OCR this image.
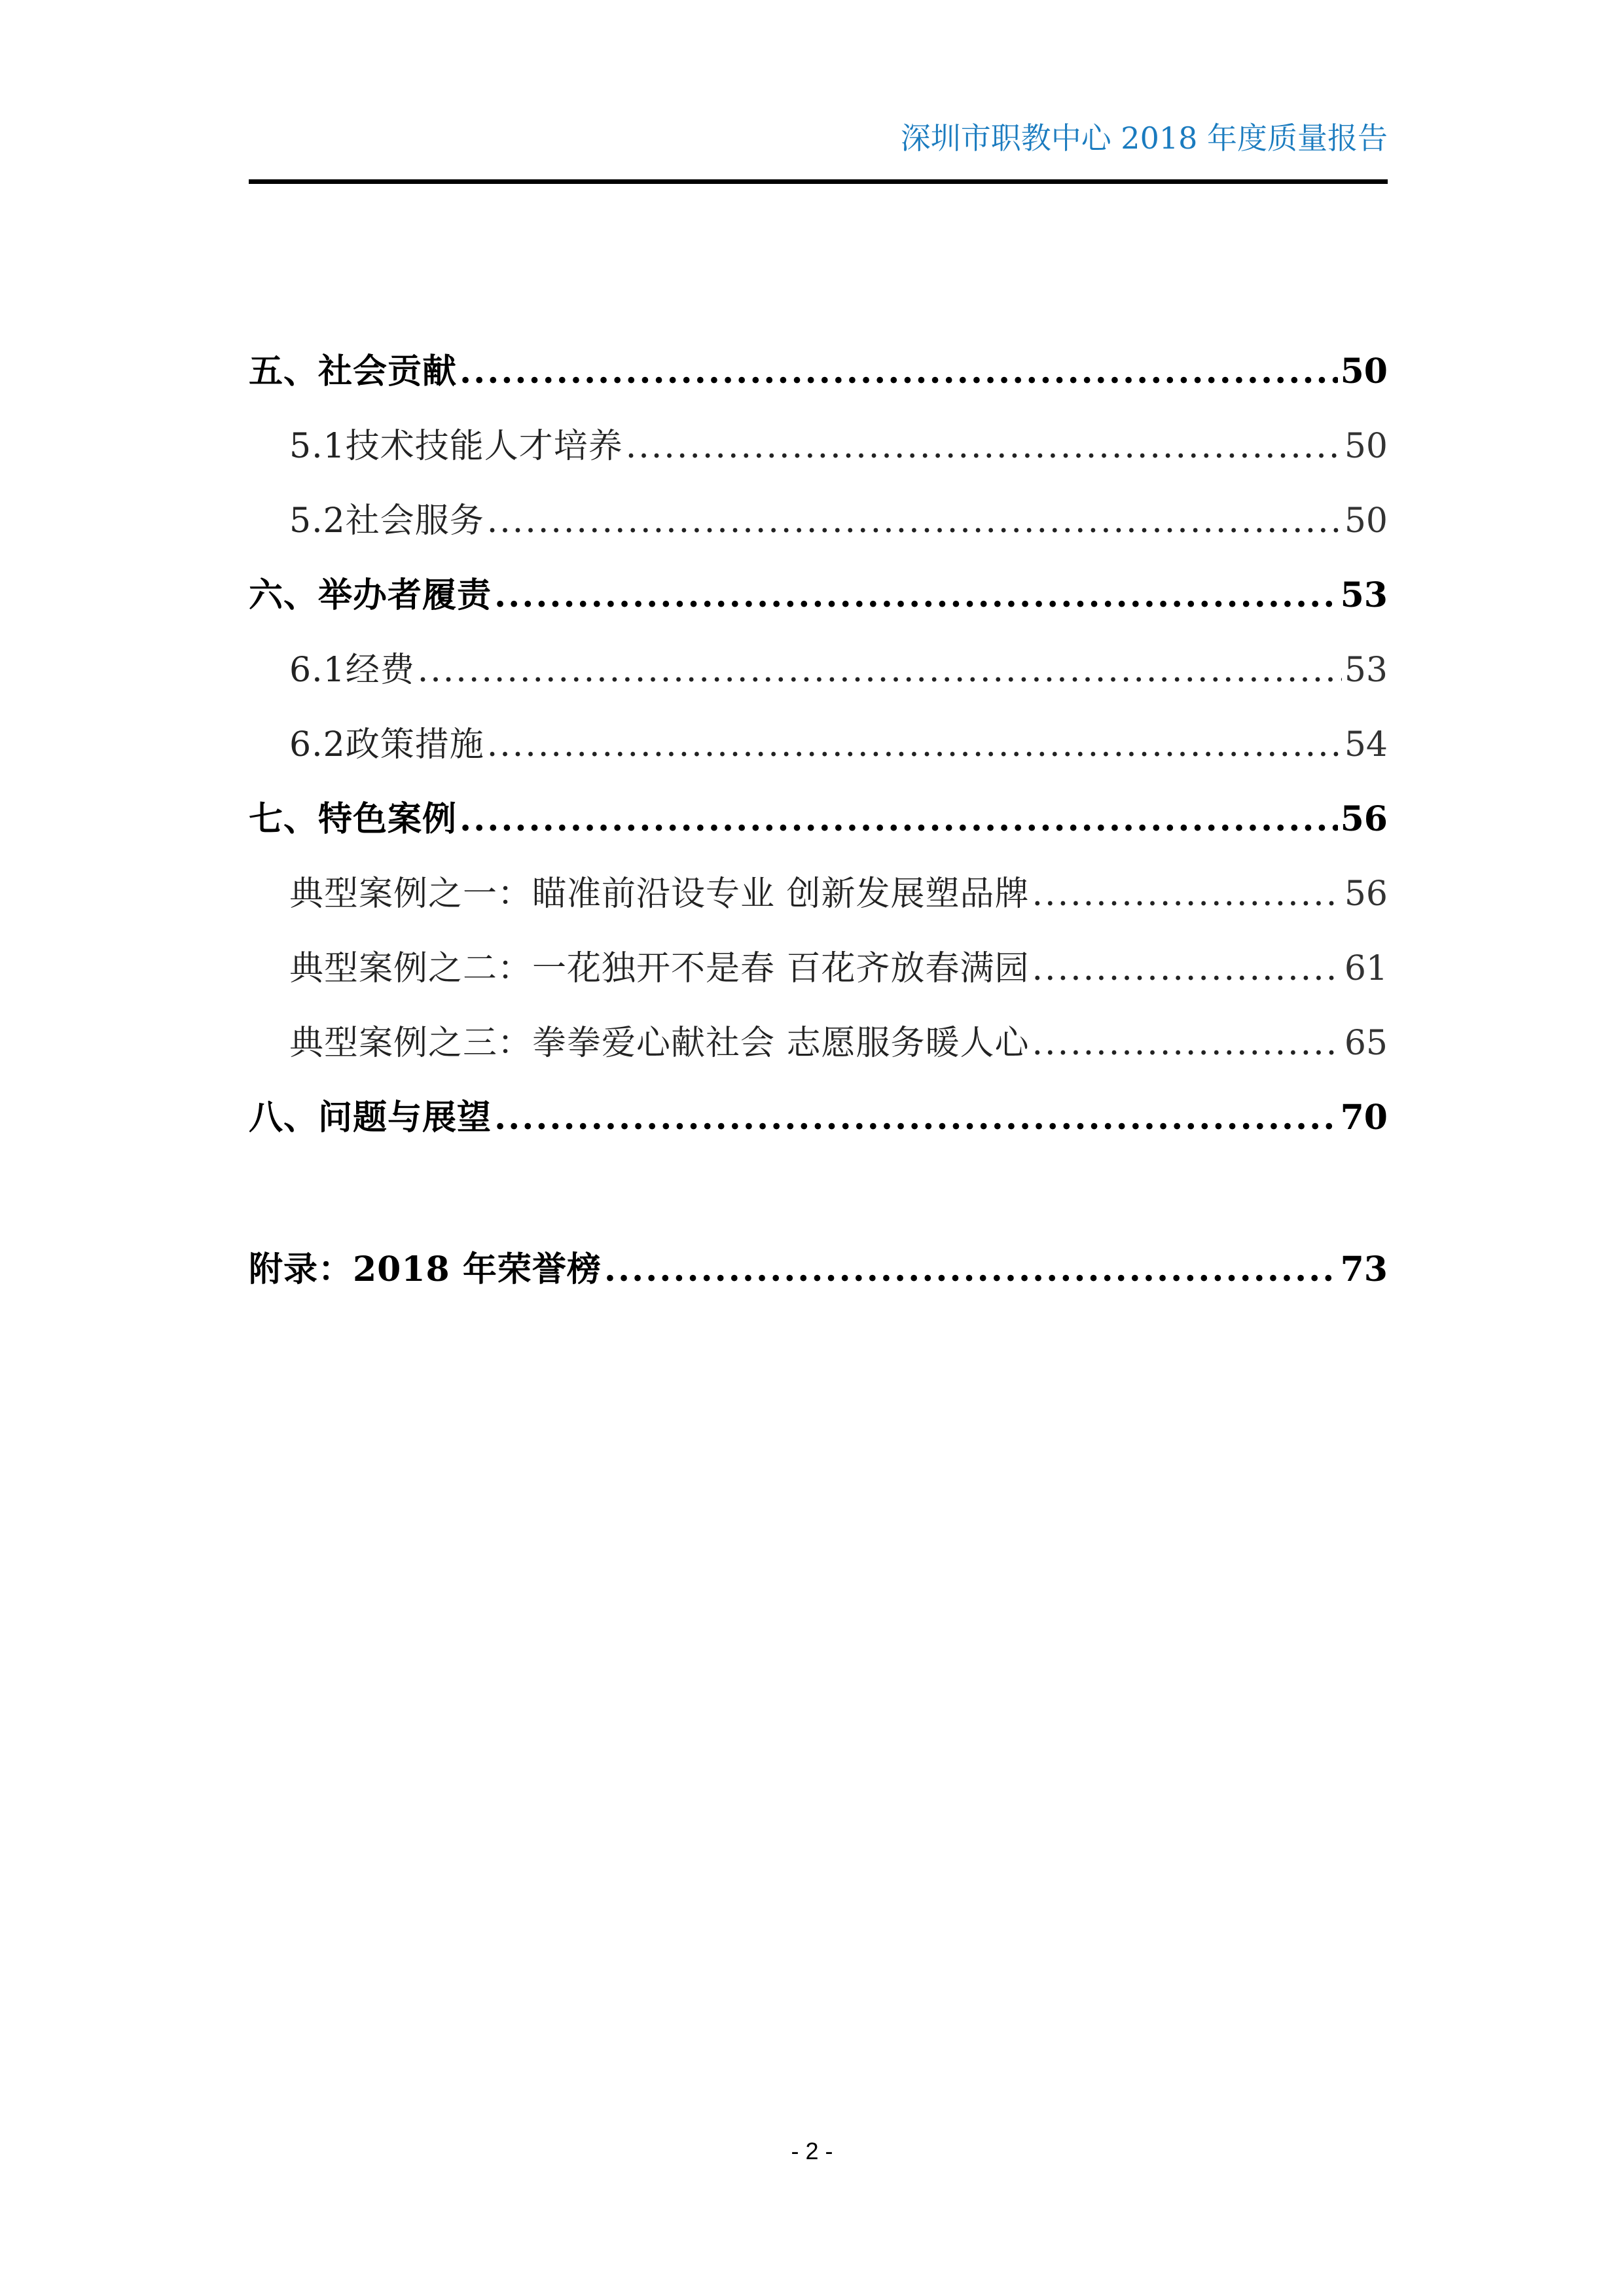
深圳市职教中心 2018 年度质量报告
五、社会贡献 .....	50
5.1技术技能人才培养 .....	50
5.2社会服务 .....	50
六、举办者履责 .....	53
6.1经费 .....	53
6.2政策措施 .....	54
七、特色案例 .....	56
典型案例之一：瞄准前沿设专业 创新发展塑品牌 .....	56
典型案例之二：一花独开不是春 百花齐放春满园 .....	61
典型案例之三：拳拳爱心献社会 志愿服务暖人心 .....	65
八、问题与展望 .....	70
附录：2018 年荣誉榜 .....	73
- 2 -
